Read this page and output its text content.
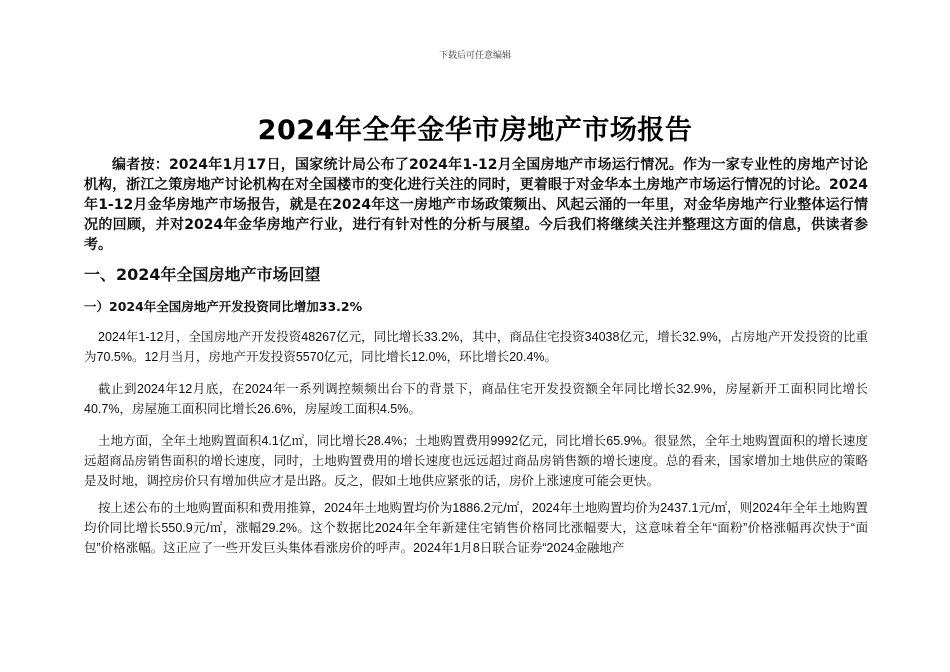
下载后可任意编辑
2024年全年金华市房地产市场报告

编者按：2024年1月17日，国家统计局公布了2024年1-12月全国房地产市场运行情况。作为一家专业性的房地产讨论机构，浙江之策房地产讨论机构在对全国楼市的变化进行关注的同时，更着眼于对金华本土房地产市场运行情况的讨论。2024年1-12月金华房地产市场报告，就是在2024年这一房地产市场政策频出、风起云涌的一年里，对金华房地产行业整体运行情况的回顾，并对2024年金华房地产行业，进行有针对性的分析与展望。今后我们将继续关注并整理这方面的信息，供读者参考。

一、2024年全国房地产市场回望
一）2024年全国房地产开发投资同比增加33.2%

2024年1-12月，全国房地产开发投资48267亿元，同比增长33.2%，其中，商品住宅投资34038亿元，增长32.9%，占房地产开发投资的比重为70.5%。12月当月，房地产开发投资5570亿元，同比增长12.0%，环比增长20.4%。

截止到2024年12月底，在2024年一系列调控频频出台下的背景下，商品住宅开发投资额全年同比增长32.9%，房屋新开工面积同比增长40.7%，房屋施工面积同比增长26.6%，房屋竣工面积4.5%。

土地方面，全年土地购置面积4.1亿㎡，同比增长28.4%；土地购置费用9992亿元，同比增长65.9%。很显然，全年土地购置面积的增长速度远超商品房销售面积的增长速度，同时，土地购置费用的增长速度也远远超过商品房销售额的增长速度。总的看来，国家增加土地供应的策略是及时地，调控房价只有增加供应才是出路。反之，假如土地供应紧张的话，房价上涨速度可能会更快。

按上述公布的土地购置面积和费用推算，2024年土地购置均价为1886.2元/㎡，2024年土地购置均价为2437.1元/㎡，则2024年全年土地购置均价同比增长550.9元/㎡，涨幅29.2%。这个数据比2024年全年新建住宅销售价格同比涨幅要大，这意味着全年“面粉”价格涨幅再次快于“面包”价格涨幅。这正应了一些开发巨头集体看涨房价的呼声。2024年1月8日联合证券“2024金融地产
